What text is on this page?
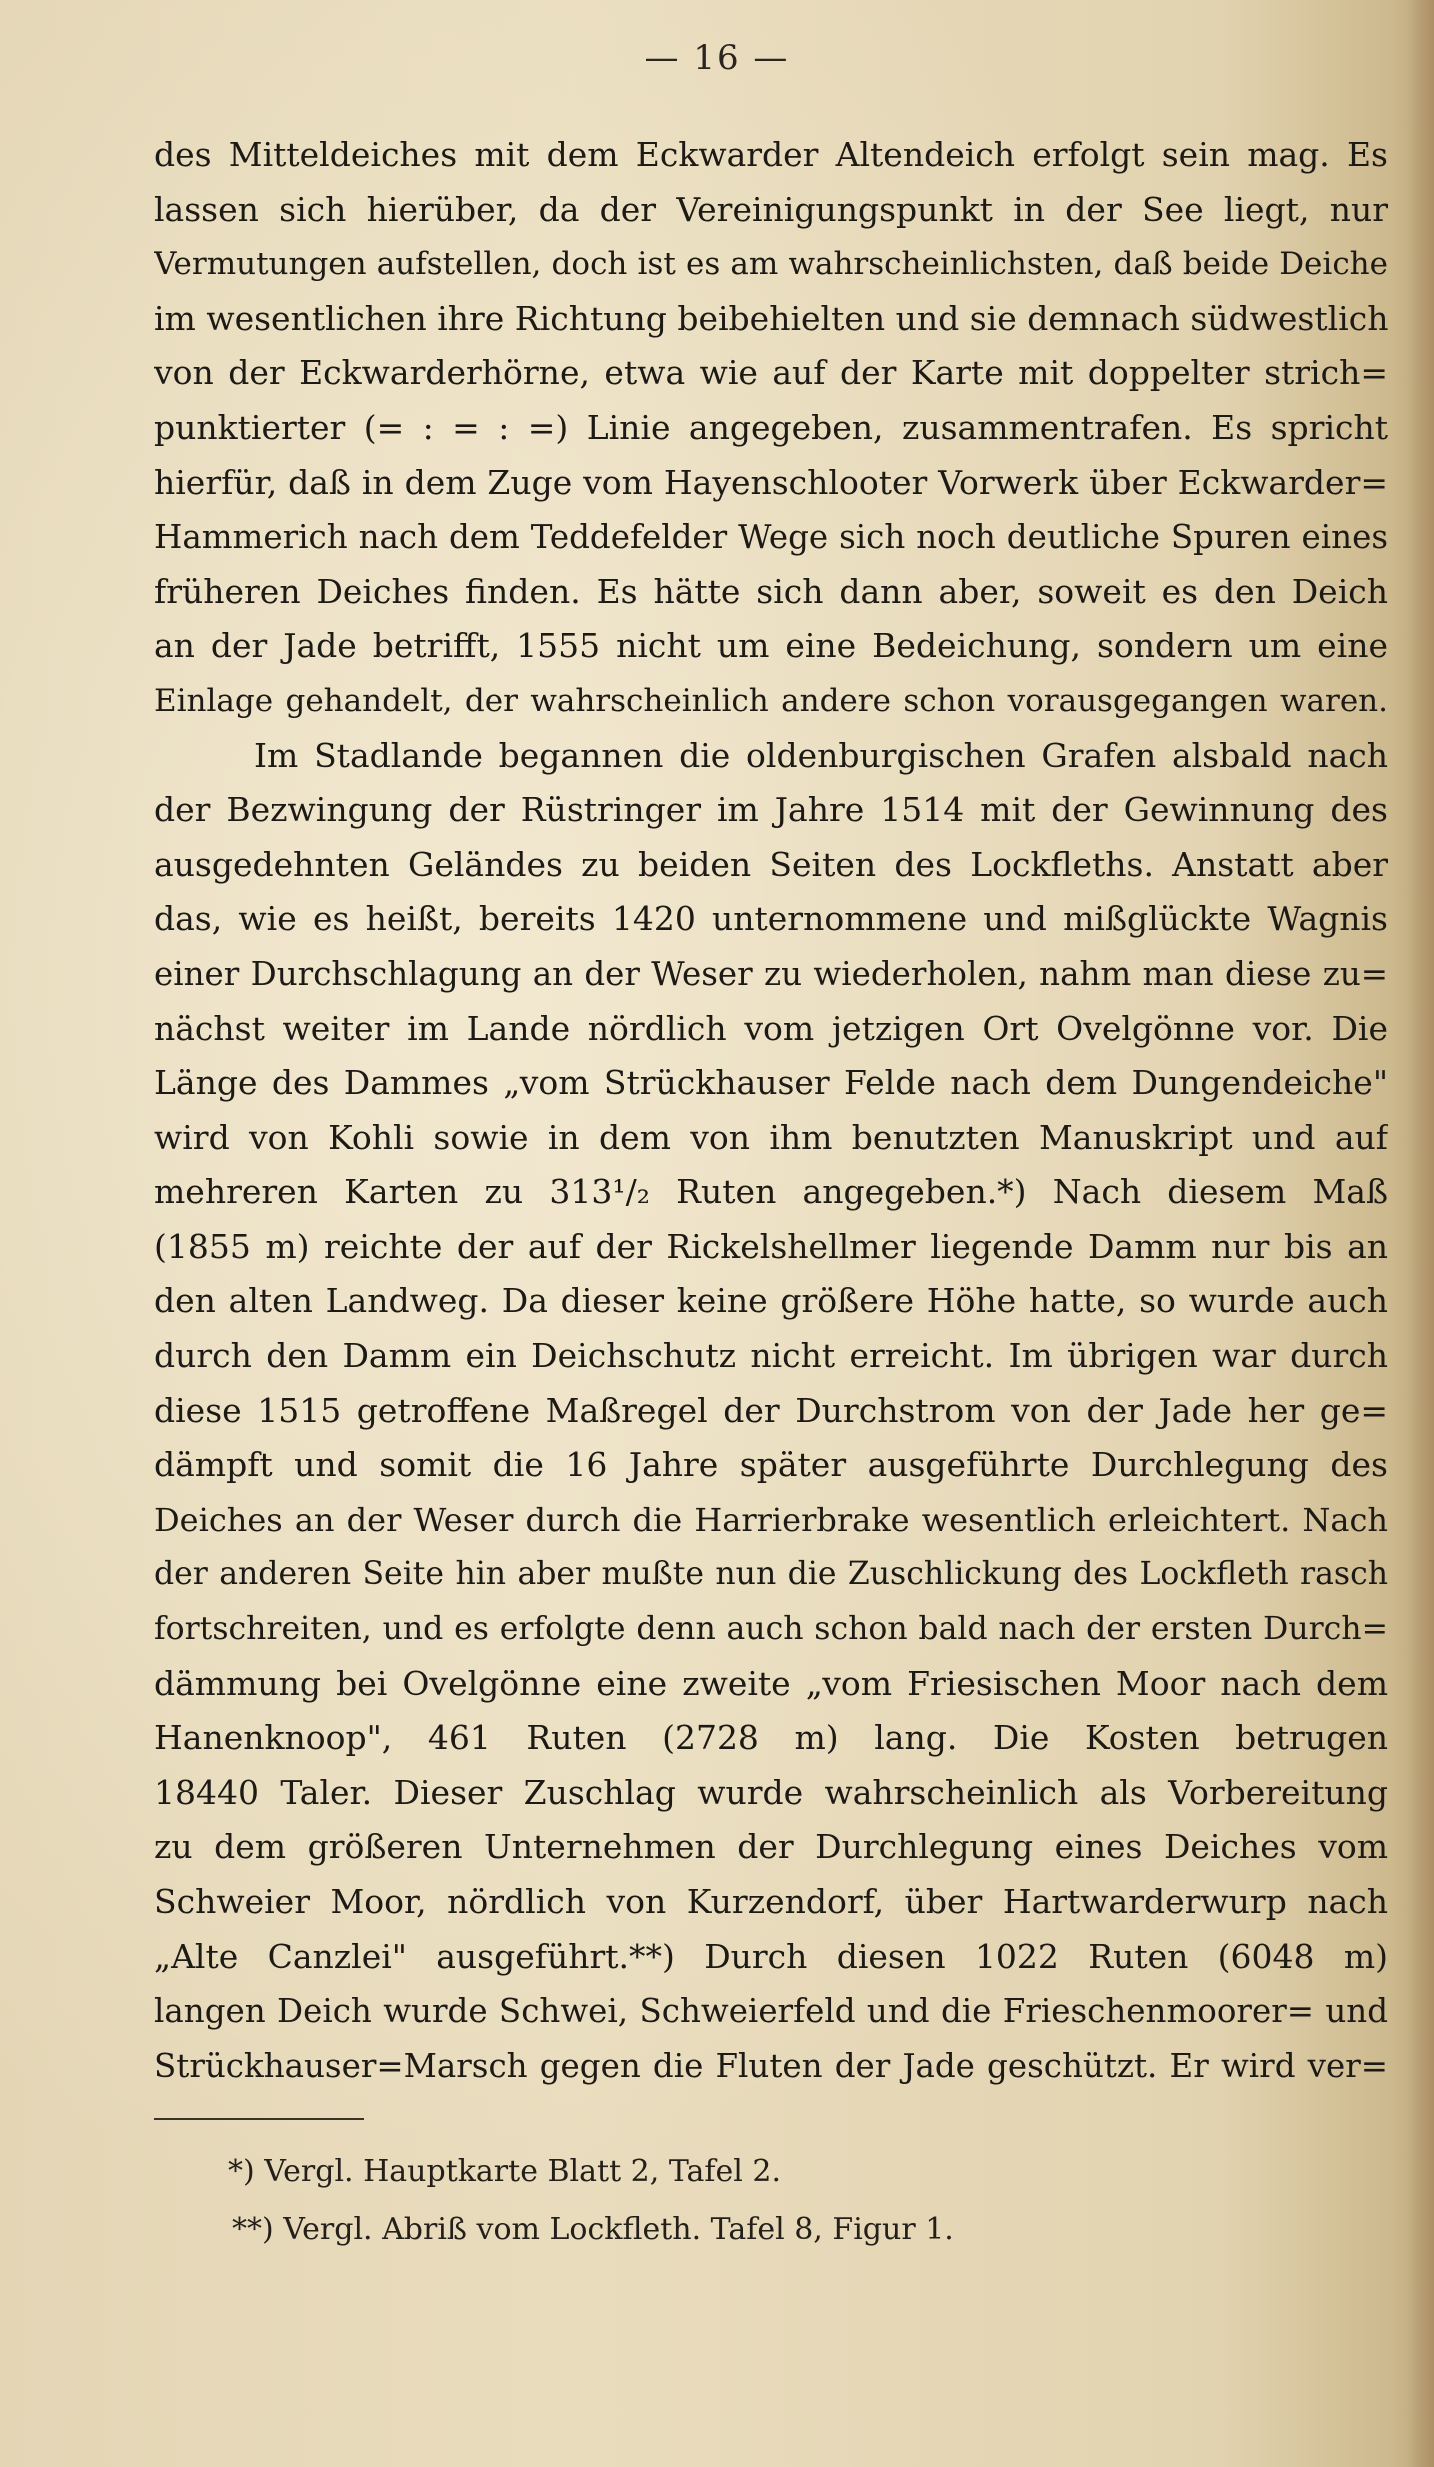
— 16 —
des Mitteldeiches mit dem Eckwarder Altendeich erfolgt sein mag. Es
lassen sich hierüber, da der Vereinigungspunkt in der See liegt, nur
Vermutungen aufstellen, doch ist es am wahrscheinlichsten, daß beide Deiche
im wesentlichen ihre Richtung beibehielten und sie demnach südwestlich
von der Eckwarderhörne, etwa wie auf der Karte mit doppelter strich=
punktierter (= : = : =) Linie angegeben, zusammentrafen. Es spricht
hierfür, daß in dem Zuge vom Hayenschlooter Vorwerk über Eckwarder=
Hammerich nach dem Teddefelder Wege sich noch deutliche Spuren eines
früheren Deiches finden. Es hätte sich dann aber, soweit es den Deich
an der Jade betrifft, 1555 nicht um eine Bedeichung, sondern um eine
Einlage gehandelt, der wahrscheinlich andere schon vorausgegangen waren.
Im Stadlande begannen die oldenburgischen Grafen alsbald nach
der Bezwingung der Rüstringer im Jahre 1514 mit der Gewinnung des
ausgedehnten Geländes zu beiden Seiten des Lockfleths. Anstatt aber
das, wie es heißt, bereits 1420 unternommene und mißglückte Wagnis
einer Durchschlagung an der Weser zu wiederholen, nahm man diese zu=
nächst weiter im Lande nördlich vom jetzigen Ort Ovelgönne vor. Die
Länge des Dammes „vom Strückhauser Felde nach dem Dungendeiche"
wird von Kohli sowie in dem von ihm benutzten Manuskript und auf
mehreren Karten zu 313¹/₂ Ruten angegeben.*) Nach diesem Maß
(1855 m) reichte der auf der Rickelshellmer liegende Damm nur bis an
den alten Landweg. Da dieser keine größere Höhe hatte, so wurde auch
durch den Damm ein Deichschutz nicht erreicht. Im übrigen war durch
diese 1515 getroffene Maßregel der Durchstrom von der Jade her ge=
dämpft und somit die 16 Jahre später ausgeführte Durchlegung des
Deiches an der Weser durch die Harrierbrake wesentlich erleichtert. Nach
der anderen Seite hin aber mußte nun die Zuschlickung des Lockfleth rasch
fortschreiten, und es erfolgte denn auch schon bald nach der ersten Durch=
dämmung bei Ovelgönne eine zweite „vom Friesischen Moor nach dem
Hanenknoop", 461 Ruten (2728 m) lang. Die Kosten betrugen
18440 Taler. Dieser Zuschlag wurde wahrscheinlich als Vorbereitung
zu dem größeren Unternehmen der Durchlegung eines Deiches vom
Schweier Moor, nördlich von Kurzendorf, über Hartwarderwurp nach
„Alte Canzlei" ausgeführt.**) Durch diesen 1022 Ruten (6048 m)
langen Deich wurde Schwei, Schweierfeld und die Frieschenmoorer= und
Strückhauser=Marsch gegen die Fluten der Jade geschützt. Er wird ver=
*) Vergl. Hauptkarte Blatt 2, Tafel 2.
**) Vergl. Abriß vom Lockfleth. Tafel 8, Figur 1.
